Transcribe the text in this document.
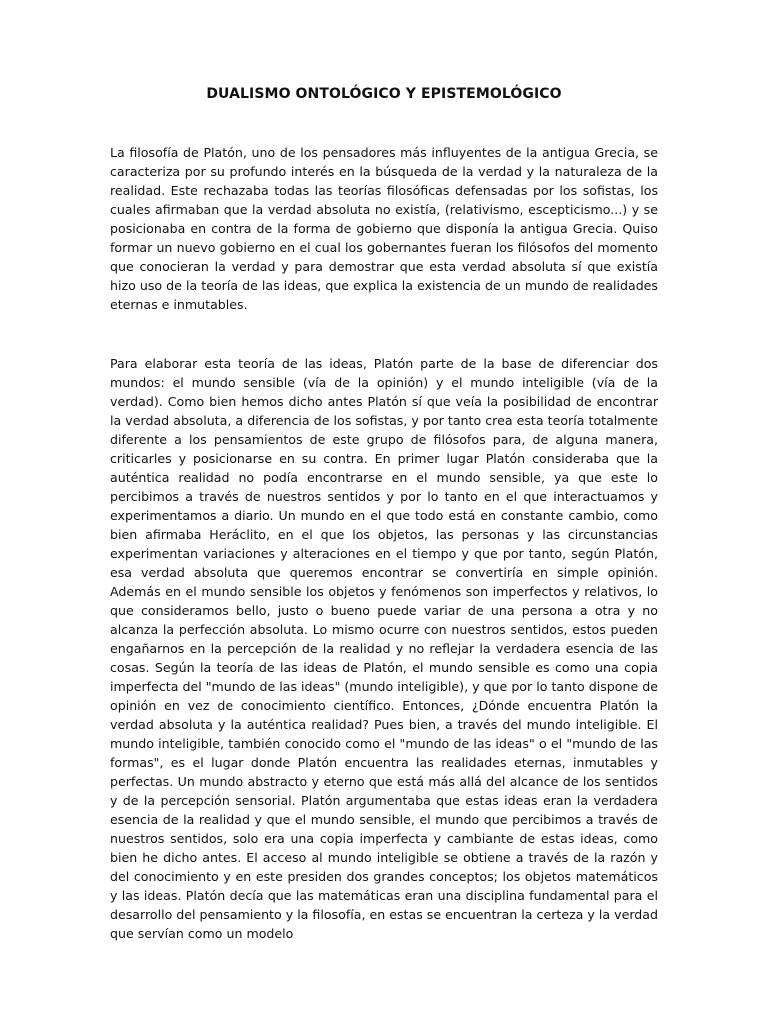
DUALISMO ONTOLÓGICO Y EPISTEMOLÓGICO

La filosofía de Platón, uno de los pensadores más influyentes de la antigua Grecia, se caracteriza por su profundo interés en la búsqueda de la verdad y la naturaleza de la realidad. Este rechazaba todas las teorías filosóficas defensadas por los sofistas, los cuales afirmaban que la verdad absoluta no existía, (relativismo, escepticismo...) y se posicionaba en contra de la forma de gobierno que disponía la antigua Grecia. Quiso formar un nuevo gobierno en el cual los gobernantes fueran los filósofos del momento que conocieran la verdad y para demostrar que esta verdad absoluta sí que existía hizo uso de la teoría de las ideas, que explica la existencia de un mundo de realidades eternas e inmutables.

Para elaborar esta teoría de las ideas, Platón parte de la base de diferenciar dos mundos: el mundo sensible (vía de la opinión) y el mundo inteligible (vía de la verdad). Como bien hemos dicho antes Platón sí que veía la posibilidad de encontrar la verdad absoluta, a diferencia de los sofistas, y por tanto crea esta teoría totalmente diferente a los pensamientos de este grupo de filósofos para, de alguna manera, criticarles y posicionarse en su contra. En primer lugar Platón consideraba que la auténtica realidad no podía encontrarse en el mundo sensible, ya que este lo percibimos a través de nuestros sentidos y por lo tanto en el que interactuamos y experimentamos a diario. Un mundo en el que todo está en constante cambio, como bien afirmaba Heráclito, en el que los objetos, las personas y las circunstancias experimentan variaciones y alteraciones en el tiempo y que por tanto, según Platón, esa verdad absoluta que queremos encontrar se convertiría en simple opinión. Además en el mundo sensible los objetos y fenómenos son imperfectos y relativos, lo que consideramos bello, justo o bueno puede variar de una persona a otra y no alcanza la perfección absoluta. Lo mismo ocurre con nuestros sentidos, estos pueden engañarnos en la percepción de la realidad y no reflejar la verdadera esencia de las cosas. Según la teoría de las ideas de Platón, el mundo sensible es como una copia imperfecta del "mundo de las ideas" (mundo inteligible), y que por lo tanto dispone de opinión en vez de conocimiento científico. Entonces, ¿Dónde encuentra Platón la verdad absoluta y la auténtica realidad? Pues bien, a través del mundo inteligible. El mundo inteligible, también conocido como el "mundo de las ideas" o el "mundo de las formas", es el lugar donde Platón encuentra las realidades eternas, inmutables y perfectas. Un mundo abstracto y eterno que está más allá del alcance de los sentidos y de la percepción sensorial. Platón argumentaba que estas ideas eran la verdadera esencia de la realidad y que el mundo sensible, el mundo que percibimos a través de nuestros sentidos, solo era una copia imperfecta y cambiante de estas ideas, como bien he dicho antes. El acceso al mundo inteligible se obtiene a través de la razón y del conocimiento y en este presiden dos grandes conceptos; los objetos matemáticos y las ideas. Platón decía que las matemáticas eran una disciplina fundamental para el desarrollo del pensamiento y la filosofía, en estas se encuentran la certeza y la verdad que servían como un modelo
